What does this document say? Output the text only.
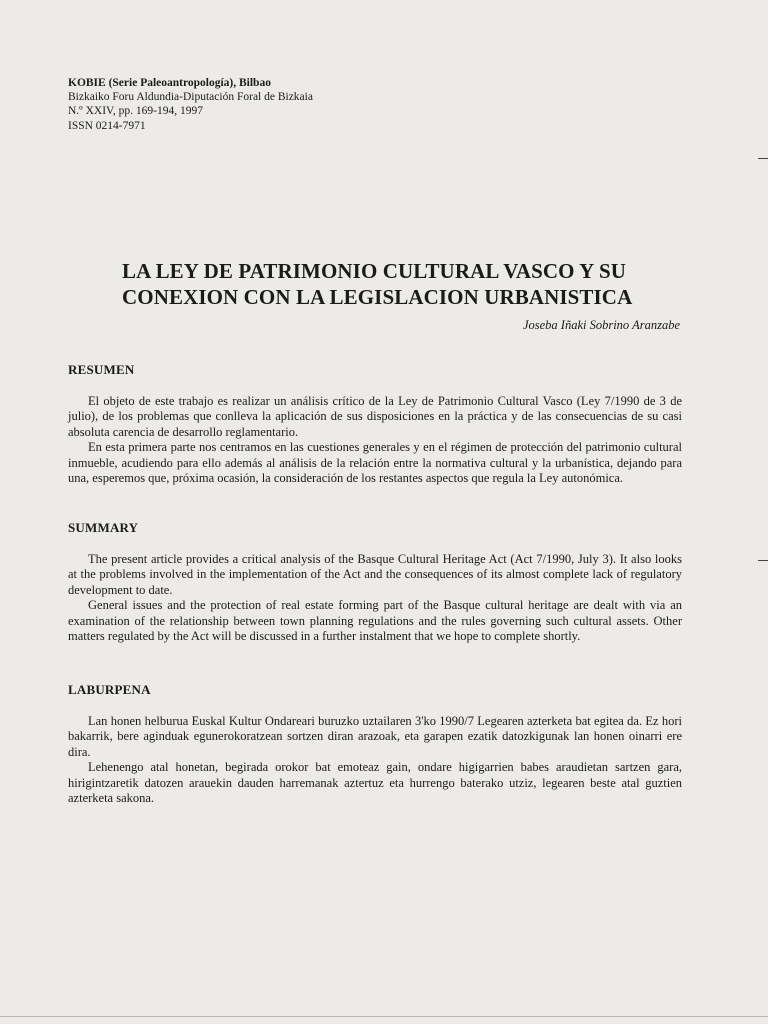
KOBIE (Serie Paleoantropología), Bilbao
Bizkaiko Foru Aldundia-Diputación Foral de Bizkaia
N.º XXIV, pp. 169-194, 1997
ISSN 0214-7971
LA LEY DE PATRIMONIO CULTURAL VASCO Y SU CONEXION CON LA LEGISLACION URBANISTICA
Joseba Iñaki Sobrino Aranzabe
RESUMEN

El objeto de este trabajo es realizar un análisis crítico de la Ley de Patrimonio Cultural Vasco (Ley 7/1990 de 3 de julio), de los problemas que conlleva la aplicación de sus disposiciones en la práctica y de las consecuencias de su casi absoluta carencia de desarrollo reglamentario.

En esta primera parte nos centramos en las cuestiones generales y en el régimen de protección del patrimonio cultural inmueble, acudiendo para ello además al análisis de la relación entre la normativa cultural y la urbanística, dejando para una, esperemos que, próxima ocasión, la consideración de los restantes aspectos que regula la Ley autonómica.

SUMMARY

The present article provides a critical analysis of the Basque Cultural Heritage Act (Act 7/1990, July 3). It also looks at the problems involved in the implementation of the Act and the consequences of its almost complete lack of regulatory development to date.

General issues and the protection of real estate forming part of the Basque cultural heritage are dealt with via an examination of the relationship between town planning regulations and the rules governing such cultural assets. Other matters regulated by the Act will be discussed in a further instalment that we hope to complete shortly.

LABURPENA

Lan honen helburua Euskal Kultur Ondareari buruzko uztailaren 3'ko 1990/7 Legearen azterketa bat egitea da. Ez hori bakarrik, bere aginduak egunerokoratzean sortzen diran arazoak, eta garapen ezatik datozkigunak lan honen oinarri ere dira.

Lehenengo atal honetan, begirada orokor bat emoteaz gain, ondare higigarrien babes araudietan sartzen gara, hirigintzaretik datozen arauekin dauden harremanak aztertuz eta hurrengo baterako utziz, legearen beste atal guztien azterketa sakona.
